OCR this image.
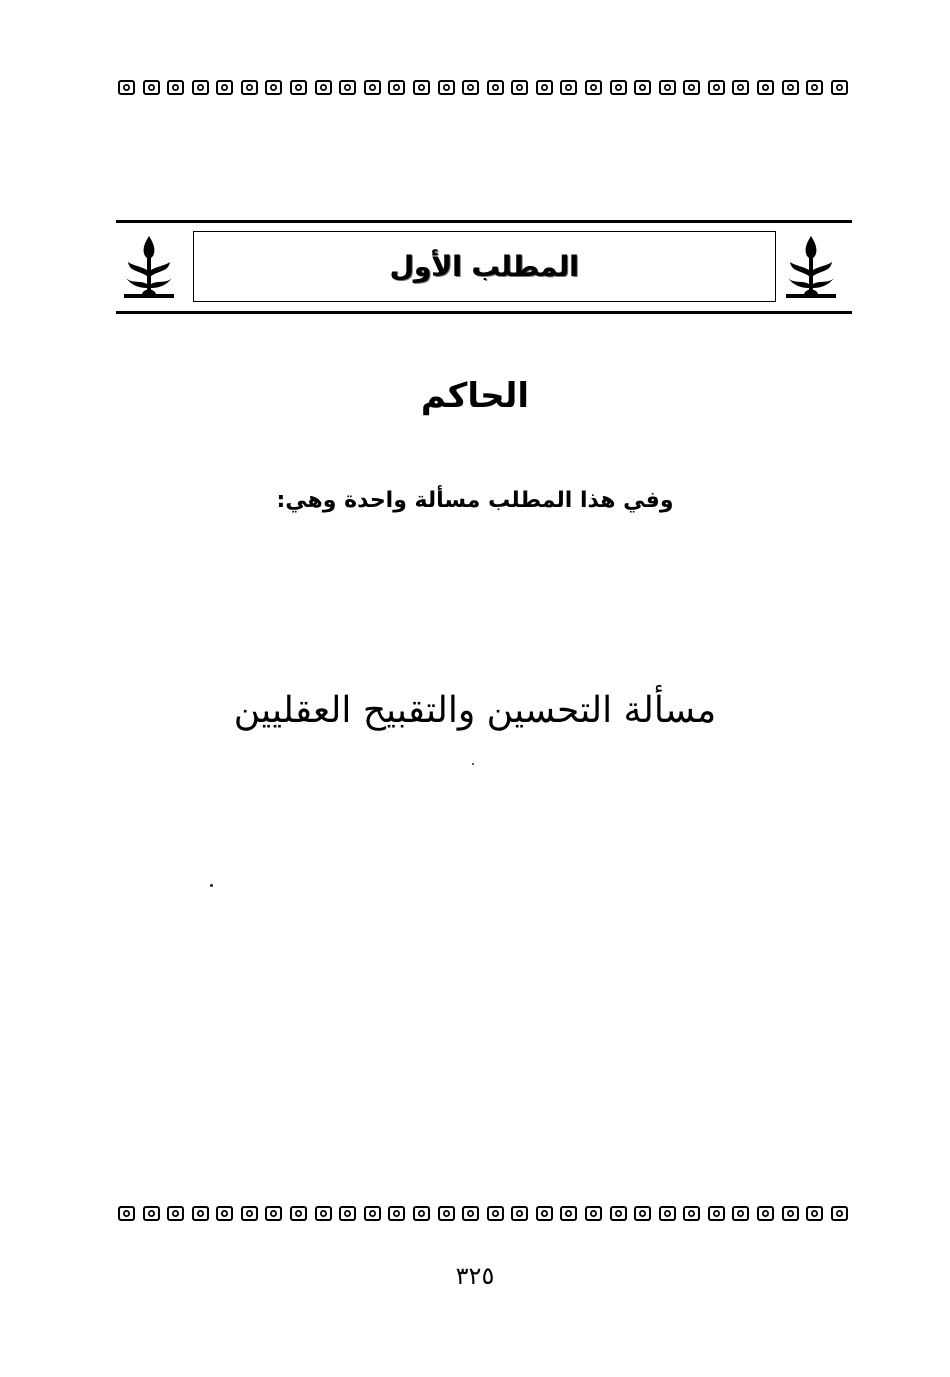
المطلب الأول
الحاكم
وفي هذا المطلب مسألة واحدة وهي:
مسألة التحسين والتقبيح العقليين
٣٢٥
